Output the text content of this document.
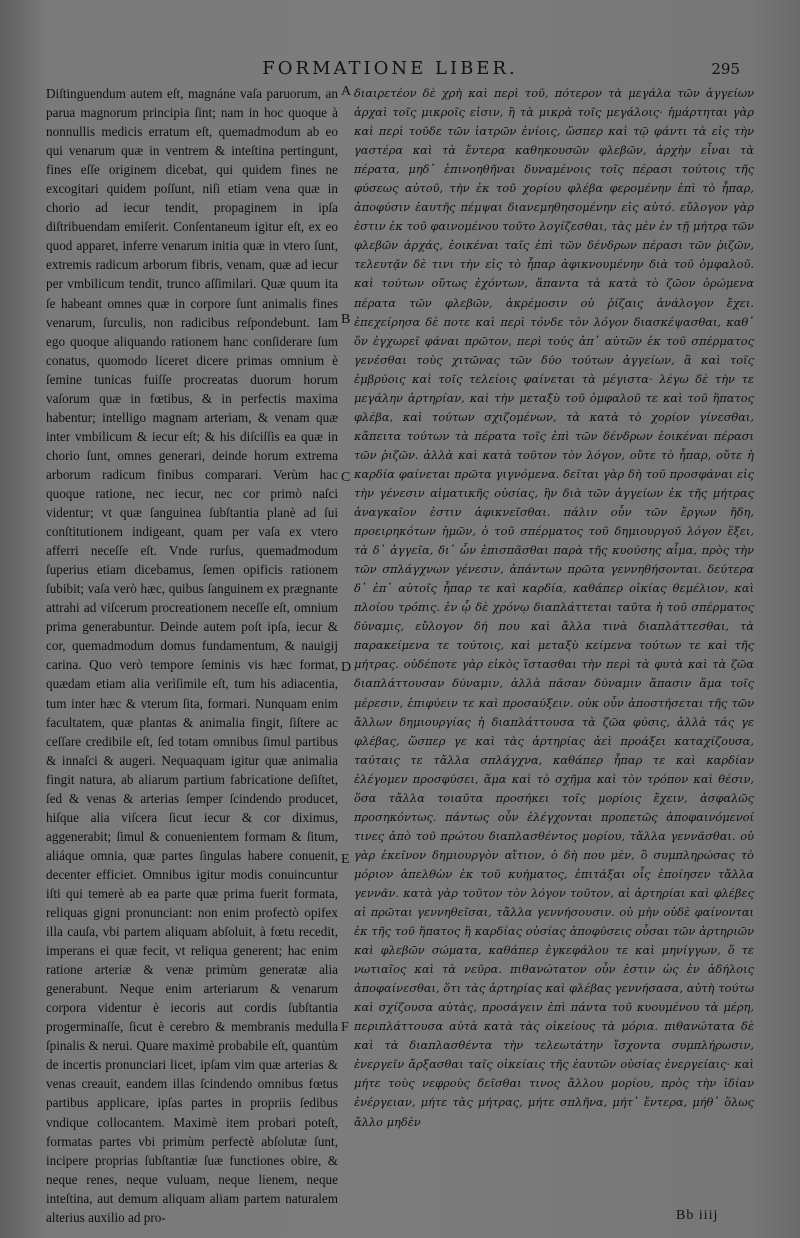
FORMATIONE LIBER.	295

Diſtinguendum autem eſt, magnáne vaſa paruorum, an parua magnorum principia ſint; nam in hoc quoque à nonnullis medicis erratum eſt, quemadmodum ab eo qui venarum quæ in ventrem & inteſtina pertingunt, fines eſſe originem dicebat, qui quidem fines ne excogitari quidem poſſunt, niſi etiam vena quæ in chorio ad iecur tendit, propaginem in ipſa diſtribuendam emiſerit. Conſentaneum igitur eſt, ex eo quod apparet, inferre venarum initia quæ in vtero ſunt, extremis radicum arborum fibris, venam, quæ ad iecur per vmbilicum tendit, trunco aſſimilari. Quæ quum ita ſe habeant omnes quæ in corpore ſunt animalis fines venarum, ſurculis, non radicibus reſpondebunt. Iam ego quoque aliquando rationem hanc conſiderare ſum conatus, quomodo liceret dicere primas omnium è ſemine tunicas fuiſſe procreatas duorum horum vaſorum quæ in fœtibus, & in perfectis maxima habentur; intelligo magnam arteriam, & venam quæ inter vmbilicum & iecur eſt; & his diſciſſis ea quæ in chorio ſunt, omnes generari, deinde horum extrema arborum radicum finibus comparari. Verùm hac quoque ratione, nec iecur, nec cor primò naſci videntur; vt quæ ſanguinea ſubſtantia planè ad ſui conſtitutionem indigeant, quam per vaſa ex vtero afferri neceſſe eſt. Vnde rurſus, quemadmodum ſuperius etiam dicebamus, ſemen opificis rationem ſubibit; vaſa verò hæc, quibus ſanguinem ex prægnante attrahi ad viſcerum procreationem neceſſe eſt, omnium prima generabuntur. Deinde autem poſt ipſa, iecur & cor, quemadmodum domus fundamentum, & nauigij carina. Quo verò tempore ſeminis vis hæc format, quædam etiam alia verìſimile eſt, tum his adiacentia, tum inter hæc & vterum ſita, formari. Nunquam enim facultatem, quæ plantas & animalia fingit, ſiſtere ac ceſſare credibile eſt, ſed totam omnibus ſimul partibus & innaſci & augeri. Nequaquam igitur quæ animalia fingit natura, ab aliarum partium fabricatione deſiſtet, ſed & venas & arterias ſemper ſcindendo producet, hiſque alia viſcera ſicut iecur & cor diximus, aggenerabit; ſimul & conuenientem formam & ſitum, aliáque omnia, quæ partes ſingulas habere conuenit, decenter efficiet. Omnibus igitur modis conuincuntur iſti qui temerè ab ea parte quæ prima fuerit formata, reliquas gigni pronunciant: non enim profectò opifex illa cauſa, vbi partem aliquam abſoluit, à fœtu recedit, imperans ei quæ fecit, vt reliqua generent; hac enim ratione arteriæ & venæ primùm generatæ alia generabunt. Neque enim arteriarum & venarum corpora videntur è iecoris aut cordis ſubſtantia progerminaſſe, ſicut è cerebro & membranis medulla ſpinalis & nerui. Quare maximè probabile eſt, quantùm de incertis pronunciari licet, ipſam vim quæ arterias & venas creauit, eandem illas ſcindendo omnibus fœtus partibus applicare, ipſas partes in propriis ſedibus vndique collocantem. Maximè item probari poteſt, formatas partes vbi primùm perfectè abſolutæ ſunt, incipere proprias ſubſtantiæ ſuæ functiones obire, & neque renes, neque vuluam, neque lienem, neque inteſtina, aut demum aliquam aliam partem naturalem alterius auxilio ad pro-

A
B
C
D
E
F

διαιρετέον δὲ χρὴ καὶ περὶ τοῦ, πότερον τὰ μεγάλα τῶν ἀγγείων ἀρχαὶ τοῖς μικροῖς εἰσιν, ἢ τὰ μικρὰ τοῖς μεγάλοις· ἡμάρτηται γὰρ καὶ περὶ τοῦδε τῶν ἰατρῶν ἐνίοις, ὥσπερ καὶ τῷ φάντι τὰ εἰς τὴν γαστέρα καὶ τὰ ἔντερα καθηκουσῶν φλεβῶν, ἀρχὴν εἶναι τὰ πέρατα, μηδ᾽ ἐπινοηθῆναι δυναμένοις τοῖς πέρασι τούτοις τῆς φύσεως αὐτοῦ, τὴν ἐκ τοῦ χορίου φλέβα φερομένην ἐπὶ τὸ ἧπαρ, ἀποφύσιν ἑαυτῆς πέμψαι διανεμηθησομένην εἰς αὐτό. εὔλογον γὰρ ἐστιν ἐκ τοῦ φαινομένου τοῦτο λογίζεσθαι, τὰς μὲν ἐν τῇ μήτρᾳ τῶν φλεβῶν ἀρχάς, ἐοικέναι ταῖς ἐπὶ τῶν δένδρων πέρασι τῶν ῥιζῶν, τελευτᾷν δὲ τινι τὴν εἰς τὸ ἧπαρ ἀφικνουμένην διὰ τοῦ ὀμφαλοῦ. καὶ τούτων οὕτως ἐχόντων, ἅπαντα τὰ κατὰ τὸ ζῶον ὁρώμενα πέρατα τῶν φλεβῶν, ἀκρέμοσιν οὐ ῥίζαις ἀνάλογον ἔχει. ἐπεχείρησα δὲ ποτε καὶ περὶ τόνδε τὸν λόγον διασκέψασθαι, καθ᾽ ὅν ἐγχωρεῖ φάναι πρῶτον, περὶ τούς ἀπ᾽ αὐτῶν ἐκ τοῦ σπέρματος γενέσθαι τοὺς χιτῶνας τῶν δύο τούτων ἀγγείων, ἃ καὶ τοῖς ἐμβρύοις καὶ τοῖς τελείοις φαίνεται τὰ μέγιστα· λέγω δὲ τὴν τε μεγάλην ἀρτηρίαν, καὶ τὴν μεταξὺ τοῦ ὀμφαλοῦ τε καὶ τοῦ ἥπατος φλέβα, καὶ τούτων σχιζομένων, τὰ κατὰ τὸ χορίον γίνεσθαι, κἄπειτα τούτων τὰ πέρατα τοῖς ἐπὶ τῶν δένδρων ἐοικέναι πέρασι τῶν ῥιζῶν. ἀλλὰ καὶ κατὰ τοῦτον τὸν λόγον, οὔτε τὸ ἧπαρ, οὔτε ἡ καρδία φαίνεται πρῶτα γιγνόμενα. δεῖται γὰρ δὴ τοῦ προσφάναι εἰς τὴν γένεσιν αἱματικῆς οὐσίας, ἣν διὰ τῶν ἀγγείων ἐκ τῆς μήτρας ἀναγκαῖον ἐστιν ἀφικνεῖσθαι. πάλιν οὖν τῶν ἔργων ἤδη, προειρηκότων ἡμῶν, ὁ τοῦ σπέρματος τοῦ δημιουργοῦ λόγον ἕξει, τὰ δ᾽ ἀγγεῖα, δι᾽ ὧν ἐπισπᾶσθαι παρὰ τῆς κυούσης αἷμα, πρὸς τὴν τῶν σπλάγχνων γένεσιν, ἁπάντων πρῶτα γεννηθήσονται. δεύτερα δ᾽ ἐπ᾽ αὐτοῖς ἧπαρ τε καὶ καρδία, καθάπερ οἰκίας θεμέλιον, καὶ πλοίου τρόπις. ἐν ᾧ δὲ χρόνῳ διαπλάττεται ταῦτα ἡ τοῦ σπέρματος δύναμις, εὔλογον δή που καὶ ἄλλα τινὰ διαπλάττεσθαι, τὰ παρακείμενα τε τούτοις, καὶ μεταξὺ κείμενα τούτων τε καὶ τῆς μήτρας. οὐδέποτε γὰρ εἰκὸς ἵστασθαι τὴν περὶ τὰ φυτὰ καὶ τὰ ζῶα διαπλάττουσαν δύναμιν, ἀλλὰ πᾶσαν δύναμιν ἅπασιν ἅμα τοῖς μέρεσιν, ἐπιφύειν τε καὶ προσαύξειν. οὐκ οὖν ἀποστήσεται τῆς τῶν ἄλλων δημιουργίας ἡ διαπλάττουσα τὰ ζῶα φύσις, ἀλλὰ τάς γε φλέβας, ὥσπερ γε καὶ τὰς ἀρτηρίας ἀεὶ προάξει καταχίζουσα, ταύταις τε τἄλλα σπλάγχνα, καθάπερ ἧπαρ τε καὶ καρδίαν ἐλέγομεν προσφύσει, ἅμα καὶ τὸ σχῆμα καὶ τὸν τρόπον καὶ θέσιν, ὅσα τἄλλα τοιαῦτα προσήκει τοῖς μορίοις ἔχειν, ἀσφαλῶς προσηκόντως. πάντως οὖν ἐλέγχονται προπετῶς ἀποφαινόμενοί τινες ἀπὸ τοῦ πρώτου διαπλασθέντος μορίου, τἄλλα γεννᾶσθαι. οὐ γὰρ ἐκεῖνον δημιουργὸν αἴτιον, ὁ δὴ που μὲν, ὃ συμπληρώσας τὸ μόριον ἀπελθὼν ἐκ τοῦ κυήματος, ἐπιτάξαι οἷς ἐποίησεν τἄλλα γεννᾶν. κατὰ γὰρ τοῦτον τὸν λόγον τοῦτον, αἱ ἀρτηρίαι καὶ φλέβες αἱ πρῶται γεννηθεῖσαι, τἄλλα γεννήσουσιν. οὐ μὴν οὐδὲ φαίνονται ἐκ τῆς τοῦ ἥπατος ἢ καρδίας οὐσίας ἀποφύσεις οὖσαι τῶν ἀρτηριῶν καὶ φλεβῶν σώματα, καθάπερ ἐγκεφάλου τε καὶ μηνίγγων, ὅ τε νωτιαῖος καὶ τὰ νεῦρα. πιθανώτατον οὖν ἐστιν ὡς ἐν ἀδήλοις ἀποφαίνεσθαι, ὅτι τὰς ἀρτηρίας καὶ φλέβας γεννήσασα, αὐτὴ τούτω καὶ σχίζουσα αὐτὰς, προσάγειν ἐπὶ πάντα τοῦ κυουμένου τὰ μέρη, περιπλάττουσα αὐτὰ κατὰ τὰς οἰκείους τὰ μόρια. πιθανώτατα δὲ καὶ τὰ διαπλασθέντα τὴν τελεωτάτην ἴσχοντα συμπλήρωσιν, ἐνεργεῖν ἄρξασθαι ταῖς οἰκείαις τῆς ἑαυτῶν οὐσίας ἐνεργείαις· καὶ μήτε τοὺς νεφροὺς δεῖσθαι τινος ἄλλου μορίου, πρὸς τὴν ἰδίαν ἐνέργειαν, μήτε τὰς μήτρας, μήτε σπλῆνα, μήτ᾽ ἔντερα, μήθ᾽ ὅλως ἄλλο μηδὲν

Bb iiij
